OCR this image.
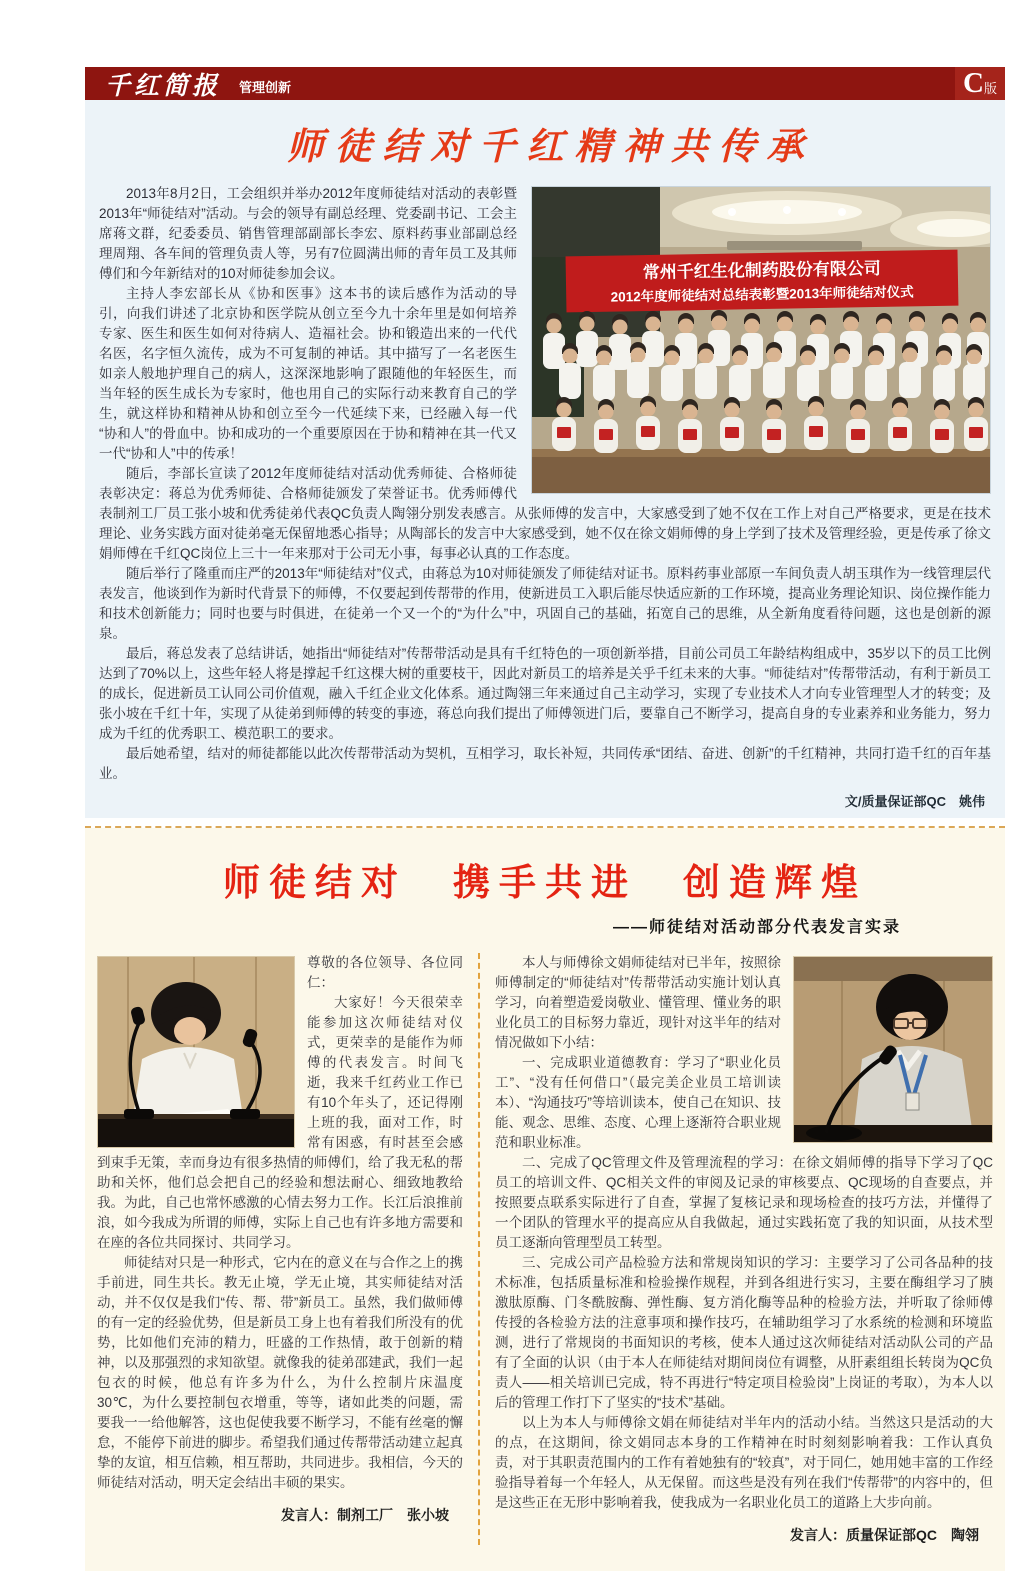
千红简报 管理创新	C 版
师徒结对千红精神共传承
常州千红生化制药股份有限公司
2012年度师徒结对总结表彰暨2013年师徒结对仪式

2013年8月2日，工会组织并举办2012年度师徒结对活动的表彰暨2013年“师徒结对”活动。与会的领导有副总经理、党委副书记、工会主席蒋文群，纪委委员、销售管理部副部长李宏、原料药事业部副总经理周翔、各车间的管理负责人等，另有7位圆满出师的青年员工及其师傅们和今年新结对的10对师徒参加会议。

主持人李宏部长从《协和医事》这本书的读后感作为活动的导引，向我们讲述了北京协和医学院从创立至今九十余年里是如何培养专家、医生和医生如何对待病人、造福社会。协和锻造出来的一代代名医，名字恒久流传，成为不可复制的神话。其中描写了一名老医生如亲人般地护理自己的病人，这深深地影响了跟随他的年轻医生，而当年轻的医生成长为专家时，他也用自己的实际行动来教育自己的学生，就这样协和精神从协和创立至今一代延续下来，已经融入每一代“协和人”的骨血中。协和成功的一个重要原因在于协和精神在其一代又一代“协和人”中的传承！

随后，李部长宣读了2012年度师徒结对活动优秀师徒、合格师徒表彰决定：蒋总为优秀师徒、合格师徒颁发了荣誉证书。优秀师傅代表制剂工厂员工张小坡和优秀徒弟代表QC负责人陶翎分别发表感言。从张师傅的发言中，大家感受到了她不仅在工作上对自己严格要求，更是在技术理论、业务实践方面对徒弟毫无保留地悉心指导；从陶部长的发言中大家感受到，她不仅在徐文娟师傅的身上学到了技术及管理经验，更是传承了徐文娟师傅在千红QC岗位上三十一年来那对于公司无小事，每事必认真的工作态度。

随后举行了隆重而庄严的2013年“师徒结对”仪式，由蒋总为10对师徒颁发了师徒结对证书。原料药事业部原一车间负责人胡玉琪作为一线管理层代表发言，他谈到作为新时代背景下的师傅，不仅要起到传帮带的作用，使新进员工入职后能尽快适应新的工作环境，提高业务理论知识、岗位操作能力和技术创新能力；同时也要与时俱进，在徒弟一个又一个的“为什么”中，巩固自己的基础，拓宽自己的思维，从全新角度看待问题，这也是创新的源泉。

最后，蒋总发表了总结讲话，她指出“师徒结对”传帮带活动是具有千红特色的一项创新举措，目前公司员工年龄结构组成中，35岁以下的员工比例达到了70%以上，这些年轻人将是撑起千红这棵大树的重要枝干，因此对新员工的培养是关乎千红未来的大事。“师徒结对”传帮带活动，有利于新员工的成长，促进新员工认同公司价值观，融入千红企业文化体系。通过陶翎三年来通过自己主动学习，实现了专业技术人才向专业管理型人才的转变；及张小坡在千红十年，实现了从徒弟到师傅的转变的事迹，蒋总向我们提出了师傅领进门后，要靠自己不断学习，提高自身的专业素养和业务能力，努力成为千红的优秀职工、模范职工的要求。

最后她希望，结对的师徒都能以此次传帮带活动为契机，互相学习，取长补短，共同传承“团结、奋进、创新”的千红精神，共同打造千红的百年基业。

文/质量保证部QC　姚伟

师徒结对　携手共进　创造辉煌

——师徒结对活动部分代表发言实录

尊敬的各位领导、各位同仁：

大家好！今天很荣幸能参加这次师徒结对仪式，更荣幸的是能作为师傅的代表发言。时间飞逝，我来千红药业工作已有10个年头了，还记得刚上班的我，面对工作，时常有困惑，有时甚至会感到束手无策，幸而身边有很多热情的师傅们，给了我无私的帮助和关怀，他们总会把自己的经验和想法耐心、细致地教给我。为此，自己也常怀感激的心情去努力工作。长江后浪推前浪，如今我成为所谓的师傅，实际上自己也有许多地方需要和在座的各位共同探讨、共同学习。

师徒结对只是一种形式，它内在的意义在与合作之上的携手前进，同生共长。教无止境，学无止境，其实师徒结对活动，并不仅仅是我们“传、帮、带”新员工。虽然，我们做师傅的有一定的经验优势，但是新员工身上也有着我们所没有的优势，比如他们充沛的精力，旺盛的工作热情，敢于创新的精神，以及那强烈的求知欲望。就像我的徒弟邵建武，我们一起包衣的时候，他总有许多为什么，为什么控制片床温度30℃，为什么要控制包衣增重，等等，诸如此类的问题，需要我一一给他解答，这也促使我要不断学习，不能有丝毫的懈怠，不能停下前进的脚步。希望我们通过传帮带活动建立起真挚的友谊，相互信赖，相互帮助，共同进步。我相信，今天的师徒结对活动，明天定会结出丰硕的果实。

发言人：制剂工厂　张小坡

本人与师傅徐文娟师徒结对已半年，按照徐师傅制定的“师徒结对”传帮带活动实施计划认真学习，向着塑造爱岗敬业、懂管理、懂业务的职业化员工的目标努力靠近，现针对这半年的结对情况做如下小结：

一、完成职业道德教育：学习了“职业化员工”、“没有任何借口”（最完美企业员工培训读本）、“沟通技巧”等培训读本，使自己在知识、技能、观念、思维、态度、心理上逐渐符合职业规范和职业标准。

二、完成了QC管理文件及管理流程的学习：在徐文娟师傅的指导下学习了QC员工的培训文件、QC相关文件的审阅及记录的审核要点、QC现场的自查要点，并按照要点联系实际进行了自查，掌握了复核记录和现场检查的技巧方法，并懂得了一个团队的管理水平的提高应从自我做起，通过实践拓宽了我的知识面，从技术型员工逐渐向管理型员工转型。

三、完成公司产品检验方法和常规岗知识的学习：主要学习了公司各品种的技术标准，包括质量标准和检验操作规程，并到各组进行实习，主要在酶组学习了胰激肽原酶、门冬酰胺酶、弹性酶、复方消化酶等品种的检验方法，并听取了徐师傅传授的各检验方法的注意事项和操作技巧，在辅助组学习了水系统的检测和环境监测，进行了常规岗的书面知识的考核，使本人通过这次师徒结对活动队公司的产品有了全面的认识（由于本人在师徒结对期间岗位有调整，从肝素组组长转岗为QC负责人——相关培训已完成，特不再进行“特定项目检验岗”上岗证的考取），为本人以后的管理工作打下了坚实的“技术”基础。

以上为本人与师傅徐文娟在师徒结对半年内的活动小结。当然这只是活动的大的点，在这期间，徐文娟同志本身的工作精神在时时刻刻影响着我：工作认真负责，对于其职责范围内的工作有着她独有的“较真”，对于同仁，她用她丰富的工作经验指导着每一个年轻人，从无保留。而这些是没有列在我们“传帮带”的内容中的，但是这些正在无形中影响着我，使我成为一名职业化员工的道路上大步向前。

发言人：质量保证部QC　陶翎
